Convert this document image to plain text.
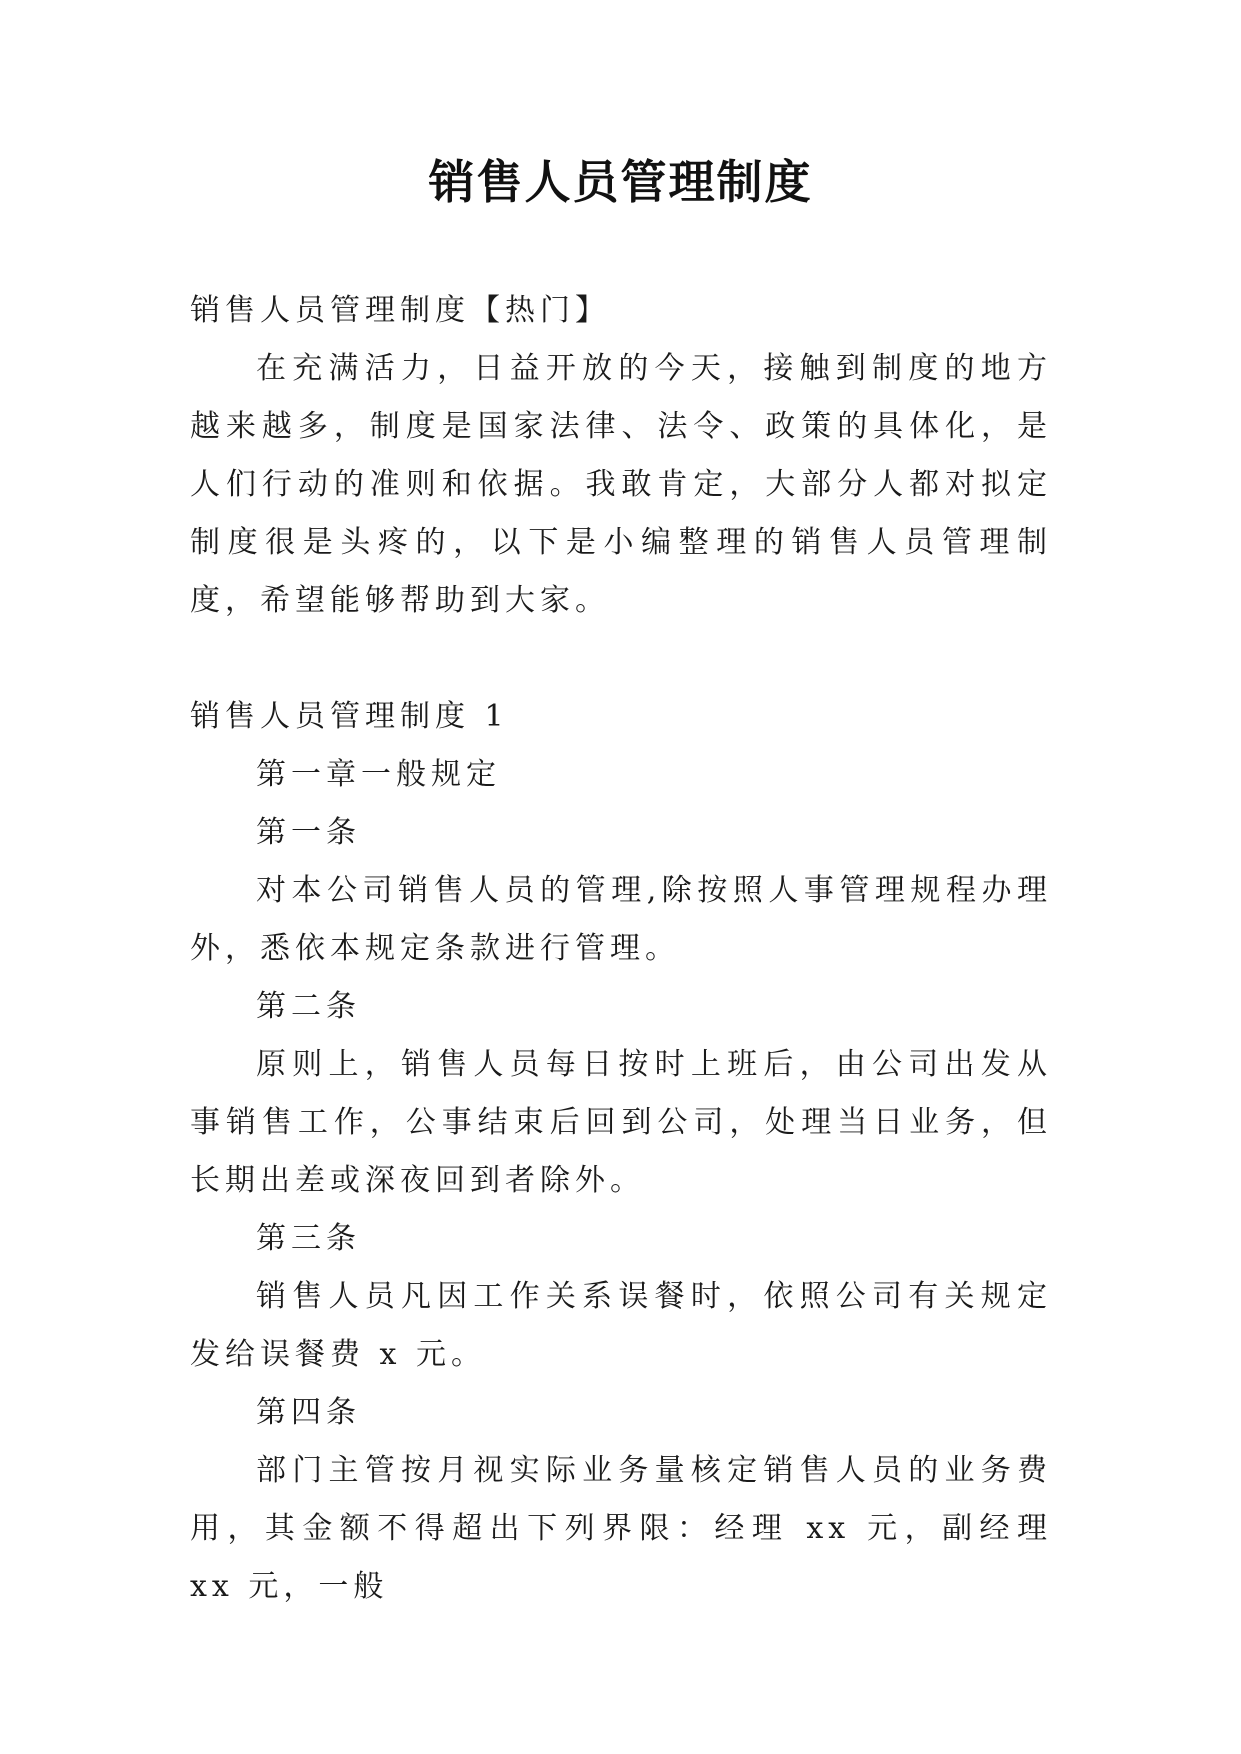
销售人员管理制度

销售人员管理制度【热门】

在充满活力，日益开放的今天，接触到制度的地方越来越多，制度是国家法律、法令、政策的具体化，是人们行动的准则和依据。我敢肯定，大部分人都对拟定制度很是头疼的，以下是小编整理的销售人员管理制度，希望能够帮助到大家。

销售人员管理制度 1

第一章一般规定

第一条

对本公司销售人员的管理,除按照人事管理规程办理外，悉依本规定条款进行管理。

第二条

原则上，销售人员每日按时上班后，由公司出发从事销售工作，公事结束后回到公司，处理当日业务，但长期出差或深夜回到者除外。

第三条

销售人员凡因工作关系误餐时，依照公司有关规定发给误餐费 x 元。

第四条

部门主管按月视实际业务量核定销售人员的业务费用，其金额不得超出下列界限：经理 xx 元，副经理 xx 元，一般
